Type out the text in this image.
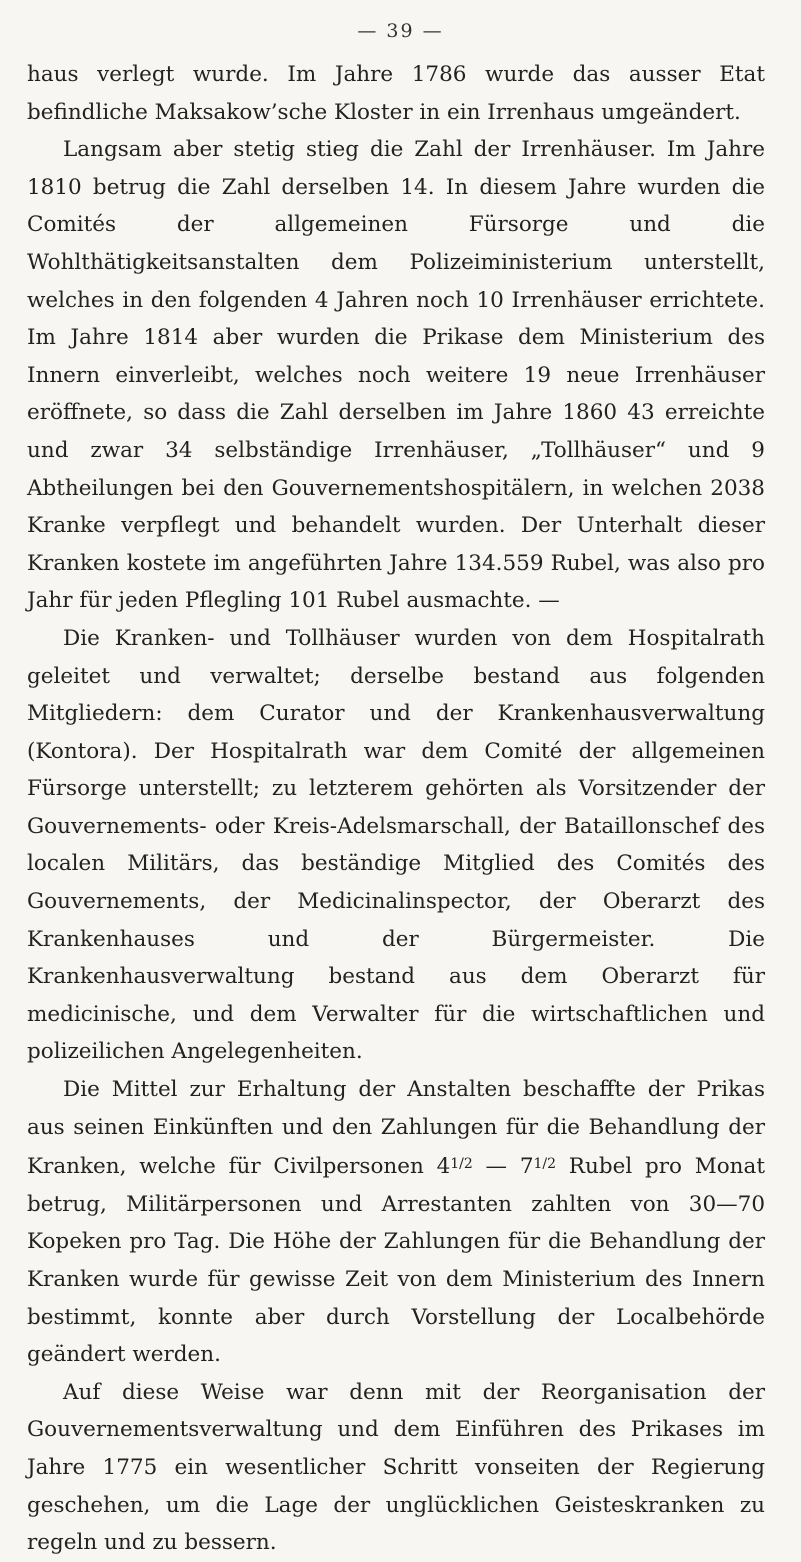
— 39 —

haus verlegt wurde. Im Jahre 1786 wurde das ausser Etat befindliche Maksakow’sche Kloster in ein Irrenhaus umgeändert.

Langsam aber stetig stieg die Zahl der Irrenhäuser. Im Jahre 1810 betrug die Zahl derselben 14. In diesem Jahre wurden die Comités der allgemeinen Fürsorge und die Wohlthätigkeitsanstalten dem Polizeiministerium unterstellt, welches in den folgenden 4 Jahren noch 10 Irrenhäuser errichtete. Im Jahre 1814 aber wurden die Prikase dem Ministerium des Innern einverleibt, welches noch weitere 19 neue Irrenhäuser eröffnete, so dass die Zahl derselben im Jahre 1860 43 erreichte und zwar 34 selbständige Irrenhäuser, „Tollhäuser“ und 9 Abtheilungen bei den Gouvernementshospitälern, in welchen 2038 Kranke verpflegt und behandelt wurden. Der Unterhalt dieser Kranken kostete im angeführten Jahre 134.559 Rubel, was also pro Jahr für jeden Pflegling 101 Rubel ausmachte. —

Die Kranken- und Tollhäuser wurden von dem Hospitalrath geleitet und verwaltet; derselbe bestand aus folgenden Mitgliedern: dem Curator und der Krankenhausverwaltung (Kontora). Der Hospitalrath war dem Comité der allgemeinen Fürsorge unterstellt; zu letzterem gehörten als Vorsitzender der Gouvernements- oder Kreis-Adelsmarschall, der Bataillonschef des localen Militärs, das beständige Mitglied des Comités des Gouvernements, der Medicinalinspector, der Oberarzt des Krankenhauses und der Bürgermeister. Die Krankenhausverwaltung bestand aus dem Oberarzt für medicinische, und dem Verwalter für die wirtschaftlichen und polizeilichen Angelegenheiten.

Die Mittel zur Erhaltung der Anstalten beschaffte der Prikas aus seinen Einkünften und den Zahlungen für die Behandlung der Kranken, welche für Civilpersonen $4^{1/2}$ — $7^{1/2}$ Rubel pro Monat betrug, Militärpersonen und Arrestanten zahlten von 30—70 Kopeken pro Tag. Die Höhe der Zahlungen für die Behandlung der Kranken wurde für gewisse Zeit von dem Ministerium des Innern bestimmt, konnte aber durch Vorstellung der Localbehörde geändert werden.

Auf diese Weise war denn mit der Reorganisation der Gouvernementsverwaltung und dem Einführen des Prikases im Jahre 1775 ein wesentlicher Schritt vonseiten der Regierung geschehen, um die Lage der unglücklichen Geisteskranken zu regeln und zu bessern.
